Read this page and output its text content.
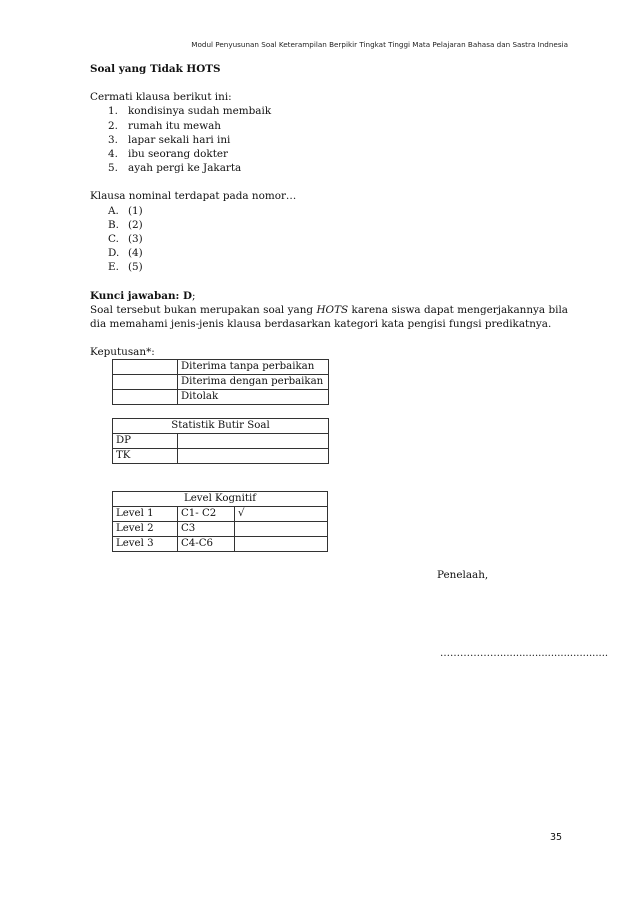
Modul Penyusunan Soal Keterampilan Berpikir Tingkat Tinggi Mata Pelajaran Bahasa dan Sastra Indnesia

Soal yang Tidak HOTS

Cermati klausa berikut ini:

1. kondisinya sudah membaik
2. rumah itu mewah
3. lapar sekali hari ini
4. ibu seorang dokter
5. ayah pergi ke Jakarta

Klausa nominal terdapat pada nomor…

A. (1)
B. (2)
C. (3)
D. (4)
E. (5)

Kunci jawaban: D;

Soal tersebut bukan merupakan soal yang HOTS karena siswa dapat mengerjakannya bila dia memahami jenis-jenis klausa berdasarkan kategori kata pengisi fungsi predikatnya.

Keputusan*:

	Diterima tanpa perbaikan
	Diterima dengan perbaikan
	Ditolak
Statistik Butir Soal	
DP	
TK	
Level Kognitif		
Level 1	C1- C2	√
Level 2	C3	
Level 3	C4-C6	
Penelaah,
………………..................................
35
